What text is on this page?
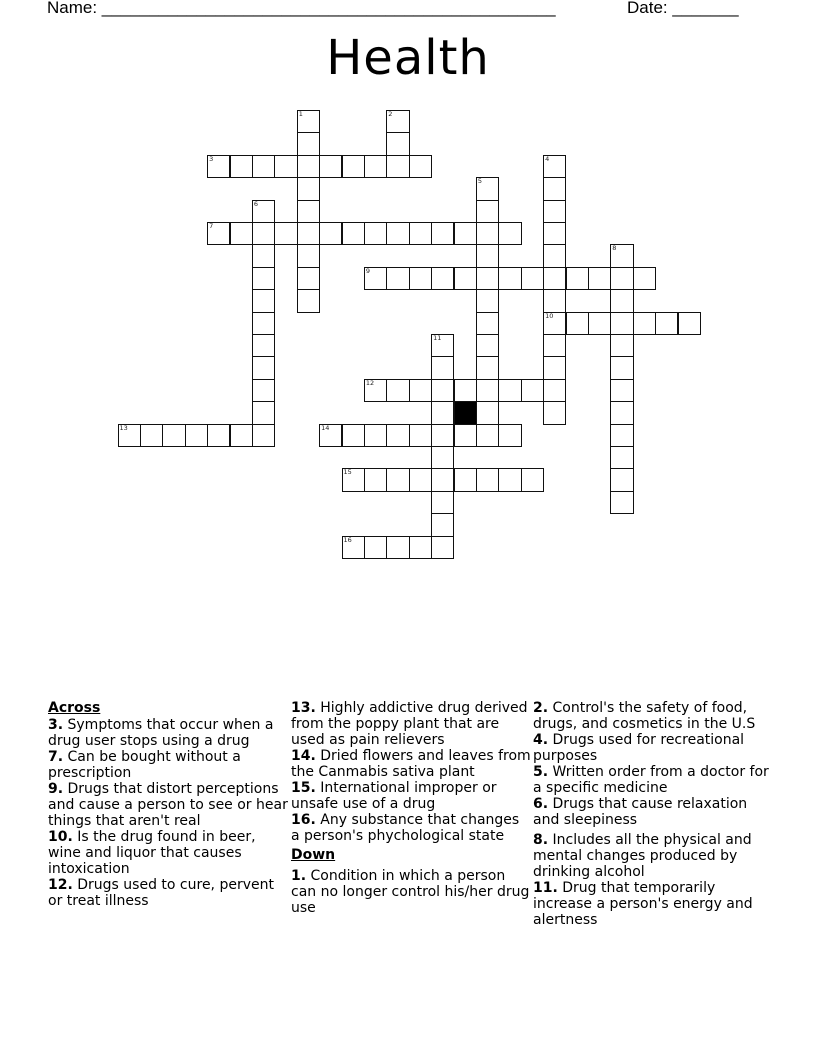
Name: ________________________________________________	Date: _______
Health
1	2
3	4
10
5
6
7
8
9
11
12
13	14
15
16
Across
3. Symptoms that occur when a drug user stops using a drug
7. Can be bought without a prescription
9. Drugs that distort perceptions and cause a person to see or hear things that aren't real
10. Is the drug found in beer, wine and liquor that causes intoxication
12. Drugs used to cure, pervent or treat illness
13. Highly addictive drug derived from the poppy plant that are used as pain relievers
14. Dried flowers and leaves from the Canmabis sativa plant
15. International improper or unsafe use of a drug
16. Any substance that changes a person's phychological state
Down
1. Condition in which a person can no longer control his/her drug use
2. Control's the safety of food, drugs, and cosmetics in the U.S
4. Drugs used for recreational purposes
5. Written order from a doctor for a specific medicine
6. Drugs that cause relaxation and sleepiness
8. Includes all the physical and mental changes produced by drinking alcohol
11. Drug that temporarily increase a person's energy and alertness
